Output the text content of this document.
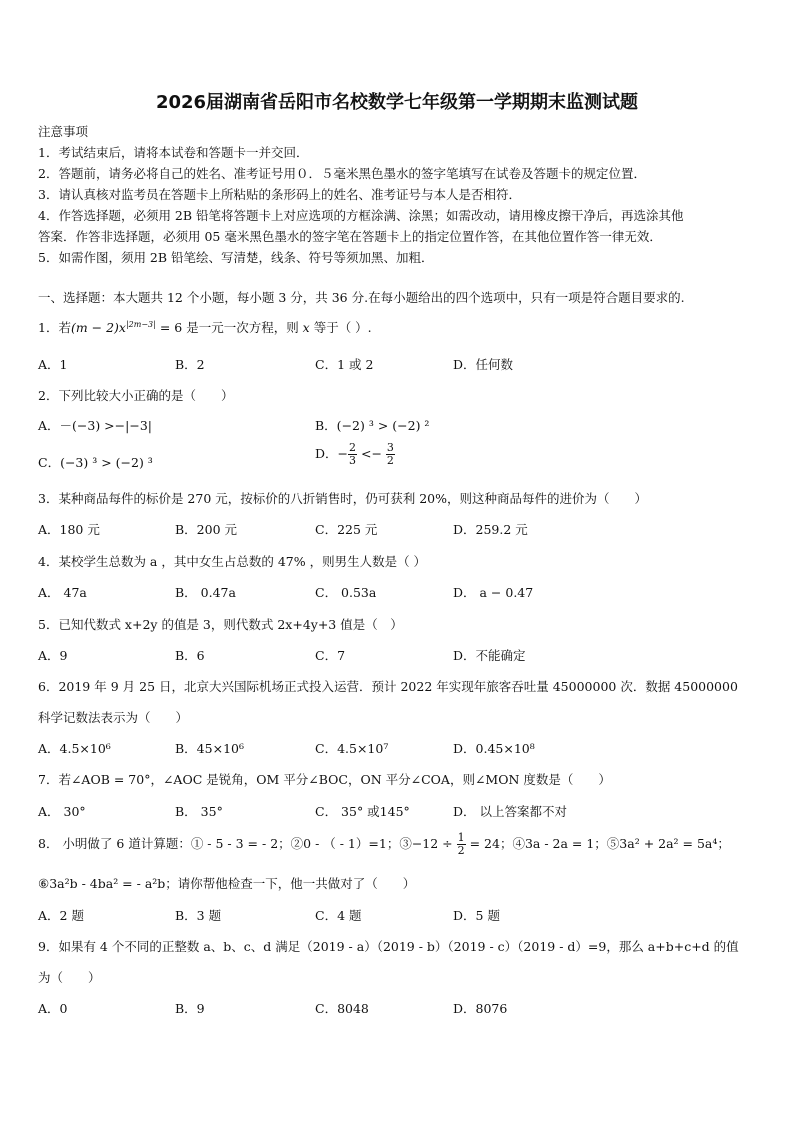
2026届湖南省岳阳市名校数学七年级第一学期期末监测试题
注意事项
1．考试结束后，请将本试卷和答题卡一并交回．
2．答题前，请务必将自己的姓名、准考证号用０．５毫米黑色墨水的签字笔填写在试卷及答题卡的规定位置．
3．请认真核对监考员在答题卡上所粘贴的条形码上的姓名、准考证号与本人是否相符．
4．作答选择题，必须用 2B 铅笔将答题卡上对应选项的方框涂满、涂黑；如需改动，请用橡皮擦干净后，再选涂其他
答案．作答非选择题，必须用 05 毫米黑色墨水的签字笔在答题卡上的指定位置作答，在其他位置作答一律无效．
5．如需作图，须用 2B 铅笔绘、写清楚，线条、符号等须加黑、加粗．
一、选择题：本大题共 12 个小题，每小题 3 分，共 36 分.在每小题给出的四个选项中，只有一项是符合题目要求的.
1．若$(m - 2)x^{|2m-3|} = 6$ 是一元一次方程，则 x 等于（ ）.
A．1	B．2	C．1 或 2	D．任何数
2．下列比较大小正确的是（　　）
A．－(−3) >−|−3|	B．(−2) ³ > (−2) ²
C．(−3) ³ > (−2) ³
D．− $\frac{2}{3} <- \frac{3}{2}$
3．某种商品每件的标价是 270 元，按标价的八折销售时，仍可获利 20%，则这种商品每件的进价为（　　）
A．180 元	B．200 元	C．225 元	D．259.2 元
4．某校学生总数为 a ，其中女生占总数的 47% ，则男生人数是（ ）
A． 47a	B． 0.47a	C． 0.53a	D． a − 0.47
5．已知代数式 x+2y 的值是 3，则代数式 2x+4y+3 值是（　）
A．9	B．6	C．7	D．不能确定
6．2019 年 9 月 25 日，北京大兴国际机场正式投入运营．预计 2022 年实现年旅客吞吐量 45000000 次．数据 45000000
科学记数法表示为（　　）
A．4.5×10⁶	B．45×10⁶	C．4.5×10⁷	D．0.45×10⁸
7．若∠AOB = 70°，∠AOC 是锐角，OM 平分∠BOC，ON 平分∠COA，则∠MON 度数是（　　）
A． 30°	B． 35°	C． 35° 或145°	D． 以上答案都不对
8． 小明做了 6 道计算题：① - 5 - 3 = - 2；②0 - （ - 1）=1；③−12 ÷ $\frac{1}{2} = 24$；④3a - 2a = 1；⑤3a² + 2a² = 5a⁴；
⑥3a²b - 4ba² = - a²b；请你帮他检查一下，他一共做对了（　　）
A．2 题	B．3 题	C．4 题	D．5 题
9．如果有 4 个不同的正整数 a、b、c、d 满足（2019 - a）（2019 - b）（2019 - c）（2019 - d）=9，那么 a+b+c+d 的值
为（　　）
A．0	B．9	C．8048	D．8076
